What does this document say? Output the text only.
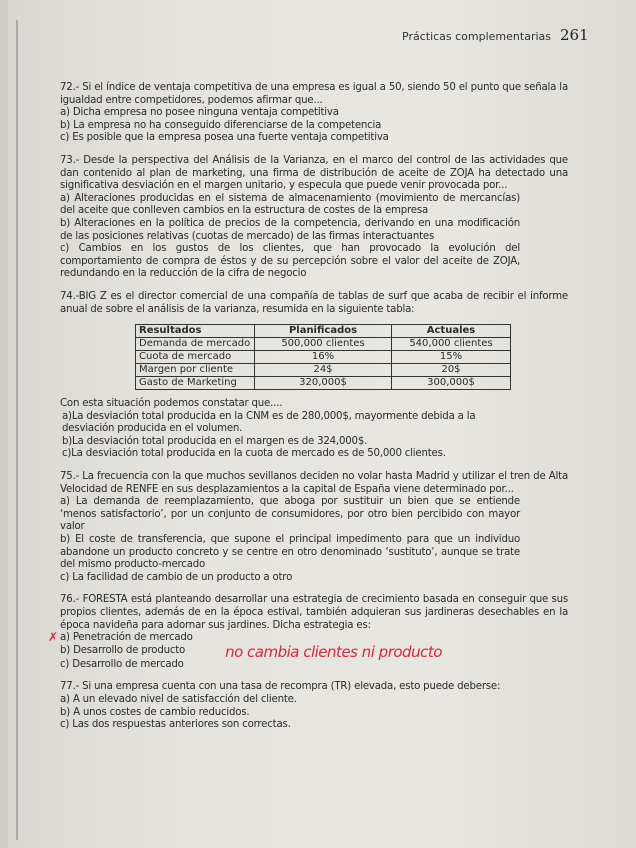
Prácticas complementarias 261

72.- Si el índice de ventaja competitiva de una empresa es igual a 50, siendo 50 el punto que señala la igualdad entre competidores, podemos afirmar que...

a) Dicha empresa no posee ninguna ventaja competitiva
b) La empresa no ha conseguido diferenciarse de la competencia
c) Es posible que la empresa posea una fuerte ventaja competitiva

73.- Desde la perspectiva del Análisis de la Varianza, en el marco del control de las actividades que dan contenido al plan de marketing, una firma de distribución de aceite de ZOJA ha detectado una significativa desviación en el margen unitario, y especula que puede venir provocada por...

a) Alteraciones producidas en el sistema de almacenamiento (movimiento de mercancías) del aceite que conlleven cambios en la estructura de costes de la empresa

b) Alteraciones en la política de precios de la competencia, derivando en una modificación de las posiciones relativas (cuotas de mercado) de las firmas interactuantes

c) Cambios en los gustos de los clientes, que han provocado la evolución del comportamiento de compra de éstos y de su percepción sobre el valor del aceite de ZOJA, redundando en la reducción de la cifra de negocio

74.-BIG Z es el director comercial de una compañía de tablas de surf que acaba de recibir el informe anual de sobre el análisis de la varianza, resumida en la siguiente tabla:

Resultados	Planificados	Actuales
Demanda de mercado	500,000 clientes	540,000 clientes
Cuota de mercado	16%	15%
Margen por cliente	24$	20$
Gasto de Marketing	320,000$	300,000$
Con esta situación podemos constatar que....
a)La desviación total producida en la CNM es de 280,000$, mayormente debida a la desviación producida en el volumen.
b)La desviación total producida en el margen es de 324,000$.
c)La desviación total producida en la cuota de mercado es de 50,000 clientes.

75.- La frecuencia con la que muchos sevillanos deciden no volar hasta Madrid y utilizar el tren de Alta Velocidad de RENFE en sus desplazamientos a la capital de España viene determinado por...

a) La demanda de reemplazamiento, que aboga por sustituir un bien que se entiende ‘menos satisfactorio’, por un conjunto de consumidores, por otro bien percibido con mayor valor

b) El coste de transferencia, que supone el principal impedimento para que un individuo abandone un producto concreto y se centre en otro denominado ‘sustituto’, aunque se trate del mismo producto-mercado

c) La facilidad de cambio de un producto a otro

76.- FORESTA está planteando desarrollar una estrategia de crecimiento basada en conseguir que sus propios clientes, además de en la época estival, también adquieran sus jardineras desechables en la época navideña para adornar sus jardines. Dicha estrategia es:

✗ a) Penetración de mercado
b) Desarrollo de producto	no cambia clientes ni producto
c) Desarrollo de mercado

77.- Si una empresa cuenta con una tasa de recompra (TR) elevada, esto puede deberse:

a) A un elevado nivel de satisfacción del cliente.
b) A unos costes de cambio reducidos.
c) Las dos respuestas anteriores son correctas.
